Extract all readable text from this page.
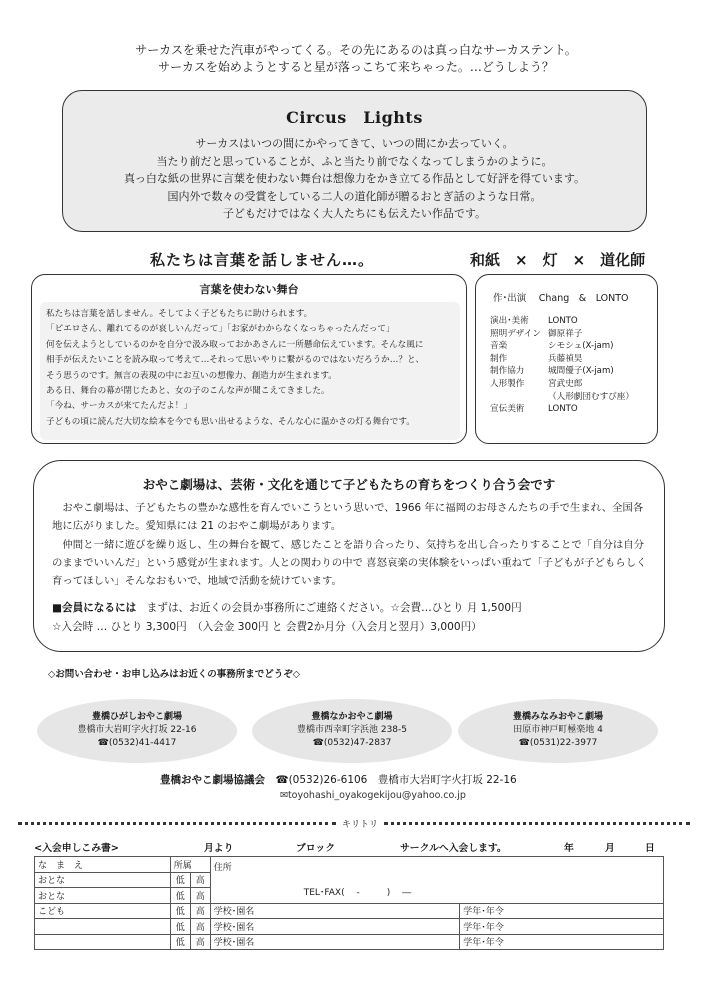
サーカスを乗せた汽車がやってくる。その先にあるのは真っ白なサーカステント。
サーカスを始めようとすると星が落っこちて来ちゃった。…どうしよう？
Circus　Lights
サーカスはいつの間にかやってきて、いつの間にか去っていく。
当たり前だと思っていることが、ふと当たり前でなくなってしまうかのように。
真っ白な紙の世界に言葉を使わない舞台は想像力をかき立てる作品として好評を得ています。
国内外で数々の受賞をしている二人の道化師が贈るおとぎ話のような日常。
子どもだけではなく大人たちにも伝えたい作品です。
私たちは言葉を話しません…。	和紙　×　灯　×　道化師
言葉を使わない舞台
私たちは言葉を話しません。そしてよく子どもたちに助けられます。
「ピエロさん、離れてるのが哀しいんだって」「お家がわからなくなっちゃったんだって」
何を伝えようとしているのかを自分で汲み取っておかあさんに一所懸命伝えています。そんな風に
相手が伝えたいことを読み取って考えて…それって思いやりに繋がるのではないだろうか…？と、
そう思うのです。無言の表現の中にお互いの想像力、創造力が生まれます。
ある日、舞台の幕が閉じたあと、女の子のこんな声が聞こえてきました。
「今ね、サーカスが来てたんだよ！」
子どもの頃に読んだ大切な絵本を今でも思い出せるような、そんな心に温かさの灯る舞台です。
作･出演　 Chang　&　LONTO
演出･美術	LONTO
照明デザイン 御原祥子
音楽	シモシュ(X-jam)
制作	兵藤禎昊
制作協力	城間優子(X-jam)
人形製作	宮武史郎
（人形劇団むすび座）
宣伝美術	LONTO
おやこ劇場は、芸術・文化を通じて子どもたちの育ちをつくり合う会です

　おやこ劇場は、子どもたちの豊かな感性を育んでいこうという思いで、1966 年に福岡のお母さんたちの手で生まれ、全国各地に広がりました。愛知県には 21 のおやこ劇場があります。

　仲間と一緒に遊びを繰り返し、生の舞台を観て、感じたことを語り合ったり、気持ちを出し合ったりすることで「自分は自分のままでいいんだ」という感覚が生まれます。人との関わりの中で 喜怒哀楽の実体験をいっぱい重ねて「子どもが子どもらしく育ってほしい」そんなおもいで、地域で活動を続けています。

■会員になるには　まずは、お近くの会員か事務所にご連絡ください。☆会費…ひとり 月 1,500円
☆入会時 … ひとり 3,300円　（入会金 300円 と 会費2か月分（入会月と翌月）3,000円）
◇お問い合わせ・お申し込みはお近くの事務所までどうぞ◇
豊橋ひがしおやこ劇場
豊橋市大岩町字火打坂 22-16
☎(0532)41-4417
豊橋なかおやこ劇場
豊橋市西幸町字浜池 238-5
☎(0532)47-2837
豊橋みなみおやこ劇場
田原市神戸町極楽地 4
☎(0531)22-3977
豊橋おやこ劇場協議会　☎(0532)26-6106　豊橋市大岩町字火打坂 22-16
✉toyohashi_oyakogekijou@yahoo.co.jp
キリトリ
<入会申しこみ書>	月より	ブロック	サークルへ入会します。	年	月	日
な　ま　え	所属		住所
TEL･FAX(　 -　　　)　 ―	

おとな	低	高		
おとな	低	高		
こども	低	高	学校･園名	学年･年令
	低	高	学校･園名	学年･年令
	低	高	学校･園名	学年･年令
